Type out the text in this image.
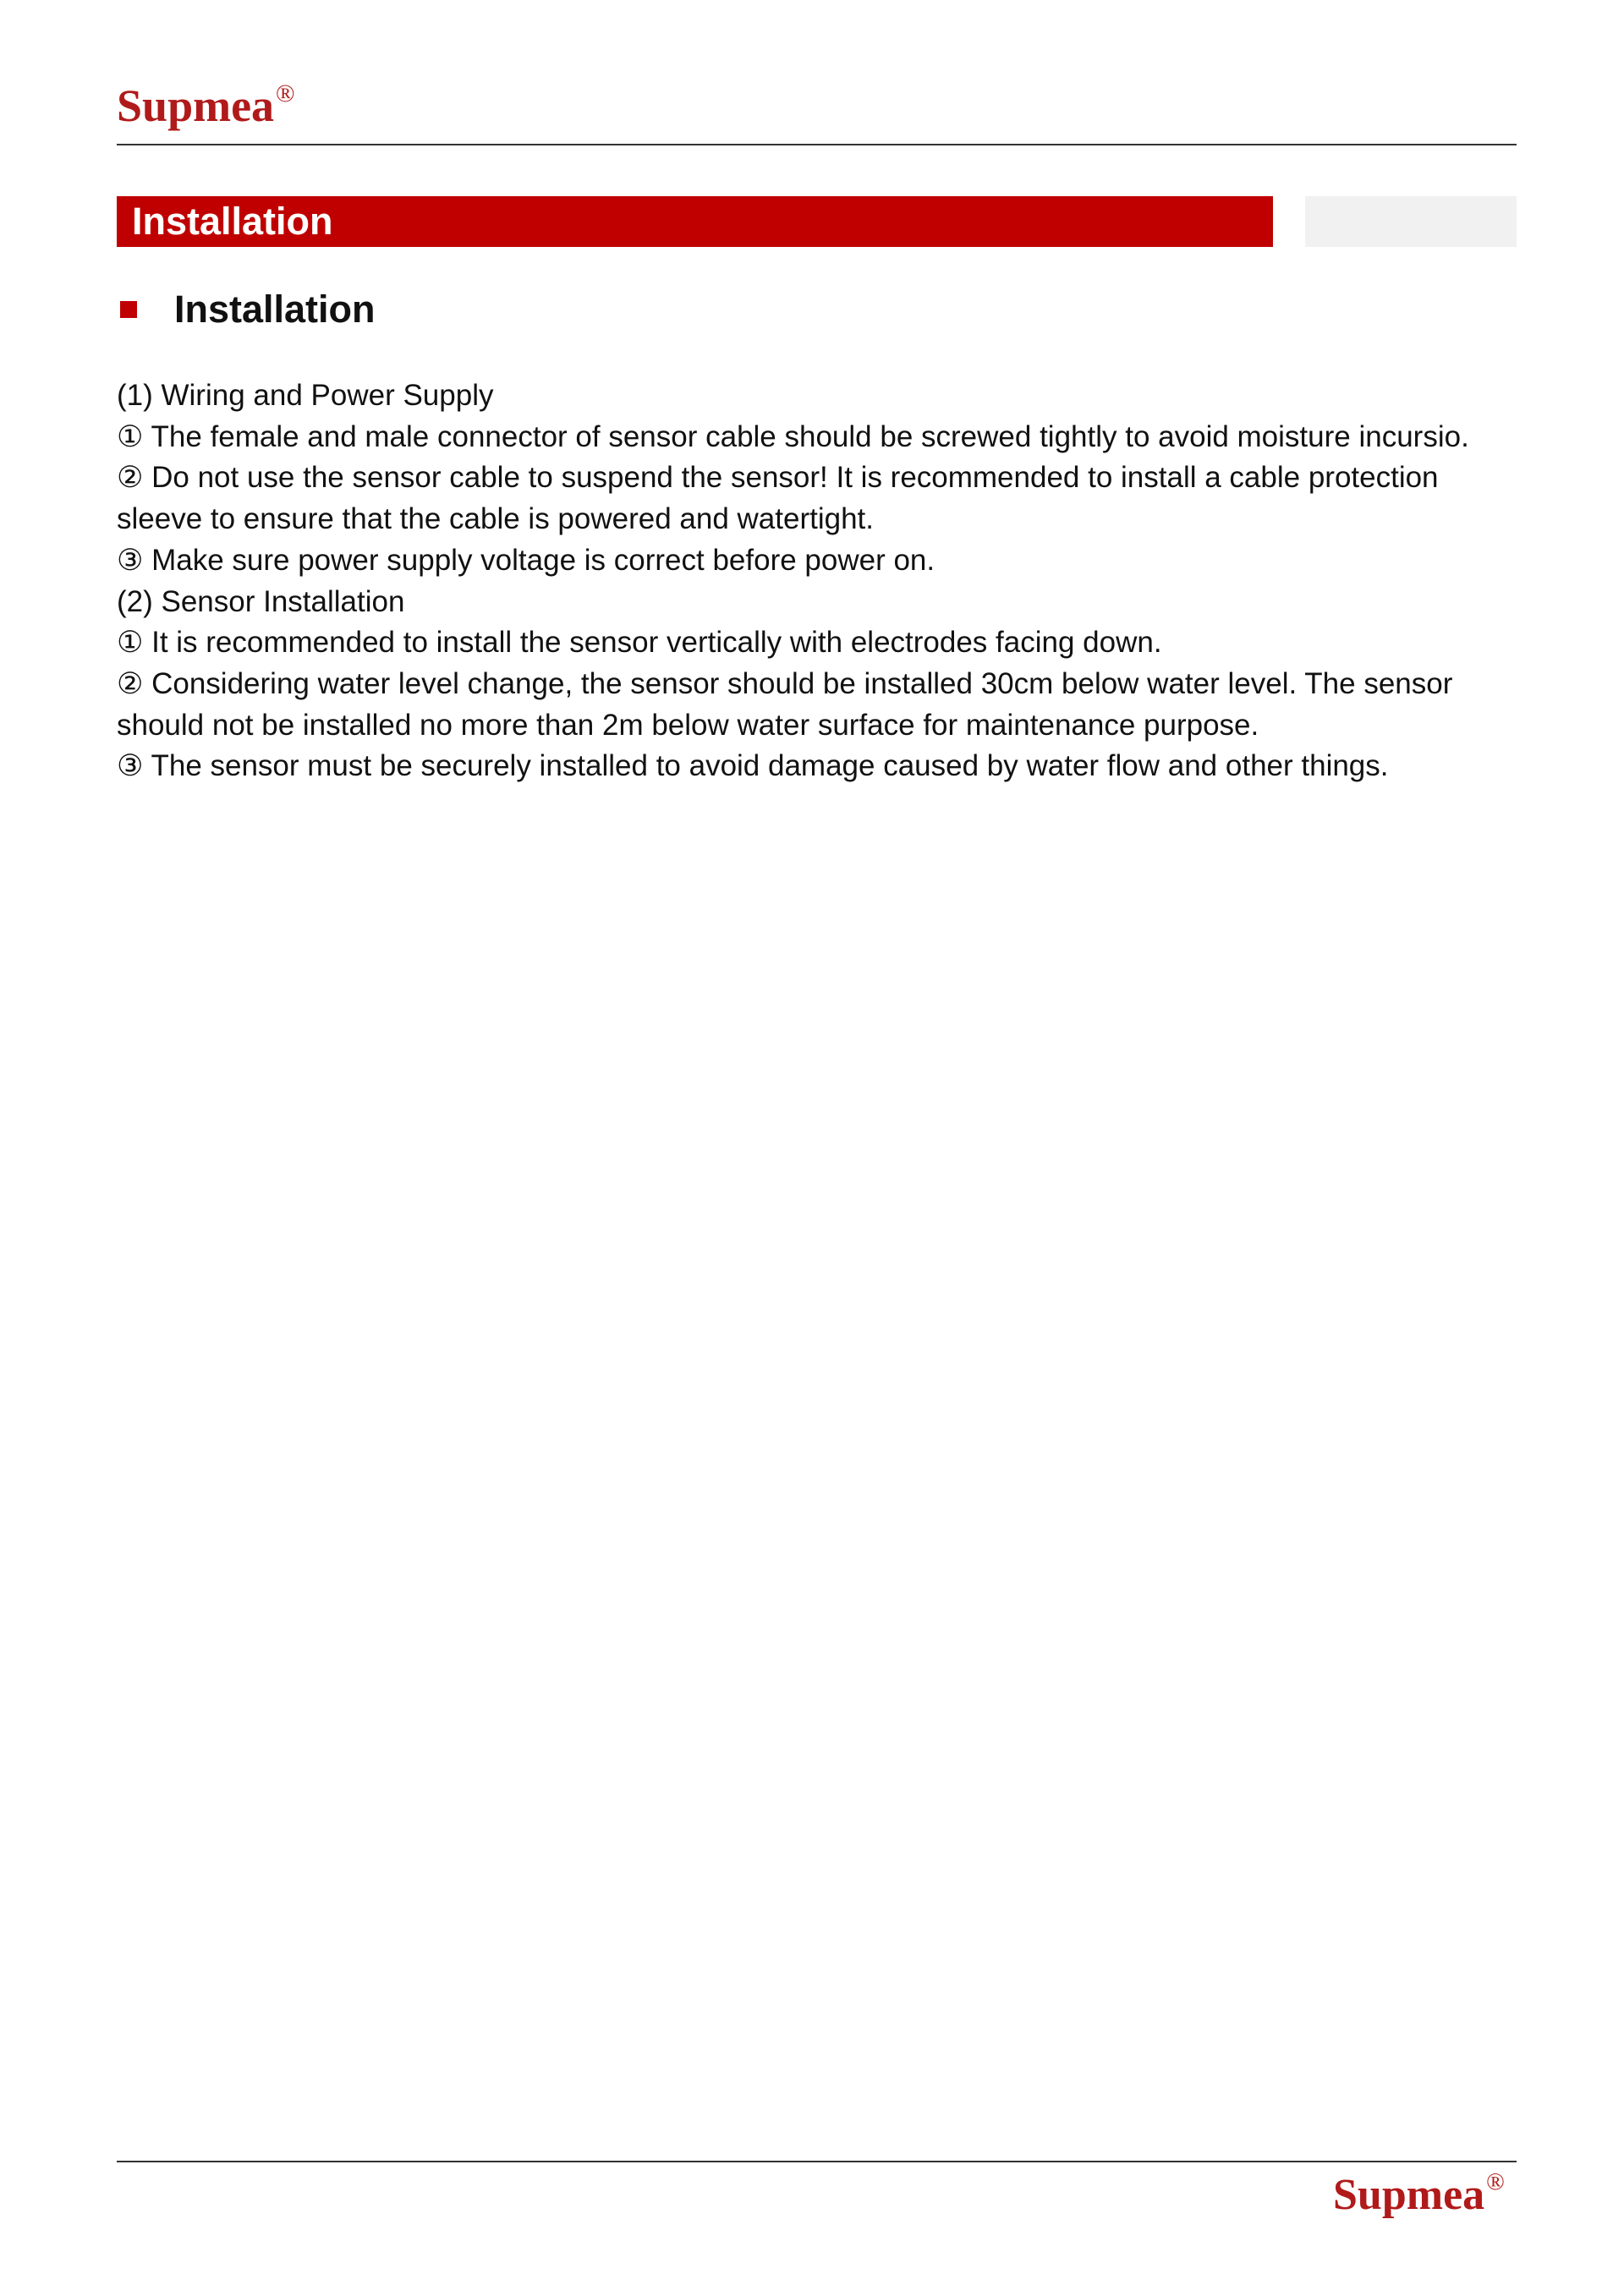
Supmea®
Installation
Installation

(1) Wiring and Power Supply

① The female and male connector of sensor cable should be screwed tightly to avoid moisture incursio.

② Do not use the sensor cable to suspend the sensor! It is recommended to install a cable protection sleeve to ensure that the cable is powered and watertight.

③ Make sure power supply voltage is correct before power on.

(2) Sensor Installation

① It is recommended to install the sensor vertically with electrodes facing down.

② Considering water level change, the sensor should be installed 30cm below water level. The sensor should not be installed no more than 2m below water surface for maintenance purpose.

③ The sensor must be securely installed to avoid damage caused by water flow and other things.

Supmea®
